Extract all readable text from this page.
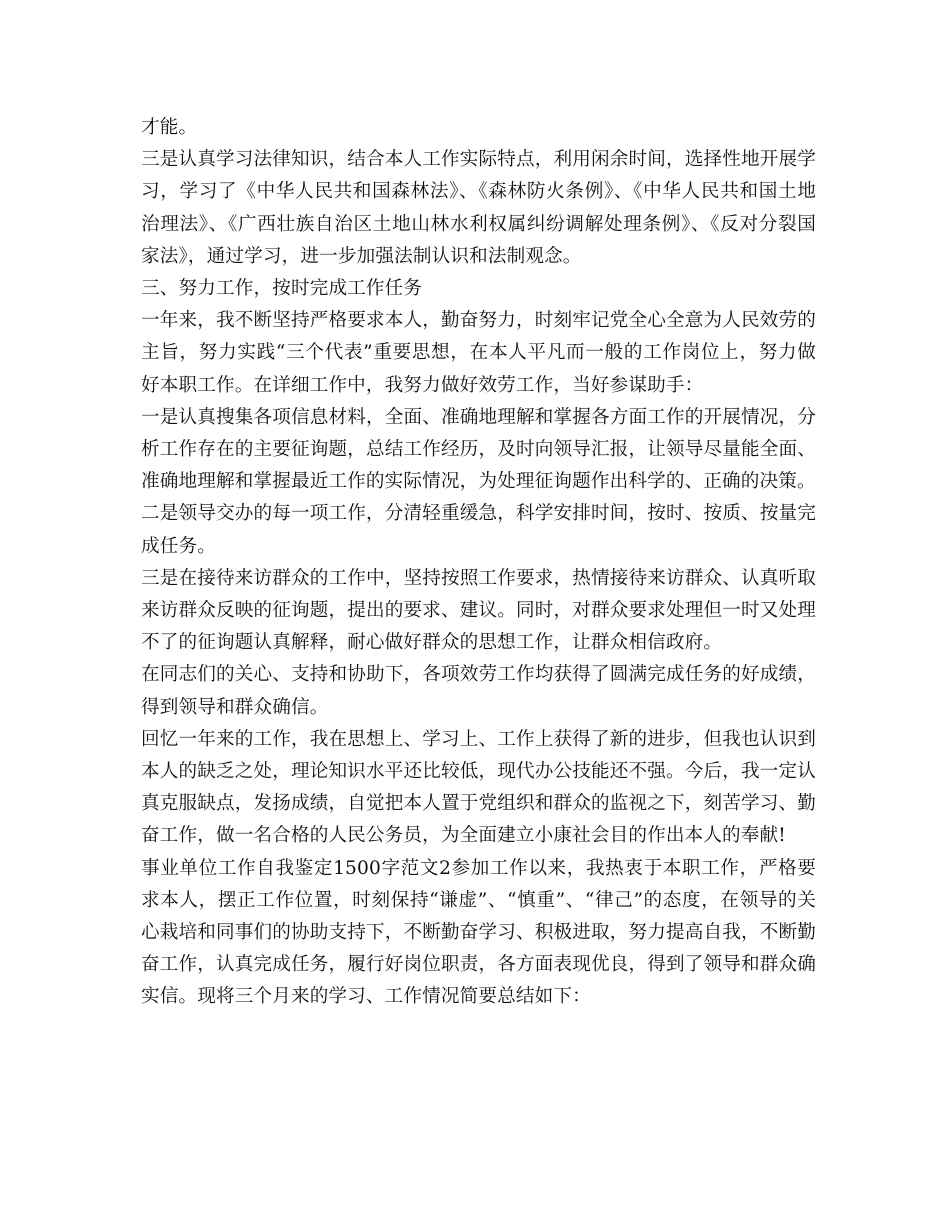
才能。

三是认真学习法律知识，结合本人工作实际特点，利用闲余时间，选择性地开展学习，学习了《中华人民共和国森林法》、《森林防火条例》、《中华人民共和国土地治理法》、《广西壮族自治区土地山林水利权属纠纷调解处理条例》、《反对分裂国家法》，通过学习，进一步加强法制认识和法制观念。

三、努力工作，按时完成工作任务

一年来，我不断坚持严格要求本人，勤奋努力，时刻牢记党全心全意为人民效劳的主旨，努力实践“三个代表”重要思想，在本人平凡而一般的工作岗位上，努力做好本职工作。在详细工作中，我努力做好效劳工作，当好参谋助手：

一是认真搜集各项信息材料，全面、准确地理解和掌握各方面工作的开展情况，分析工作存在的主要征询题，总结工作经历，及时向领导汇报，让领导尽量能全面、准确地理解和掌握最近工作的实际情况，为处理征询题作出科学的、正确的决策。

二是领导交办的每一项工作，分清轻重缓急，科学安排时间，按时、按质、按量完成任务。

三是在接待来访群众的工作中，坚持按照工作要求，热情接待来访群众、认真听取来访群众反映的征询题，提出的要求、建议。同时，对群众要求处理但一时又处理不了的征询题认真解释，耐心做好群众的思想工作，让群众相信政府。

在同志们的关心、支持和协助下，各项效劳工作均获得了圆满完成任务的好成绩，得到领导和群众确信。

回忆一年来的工作，我在思想上、学习上、工作上获得了新的进步，但我也认识到本人的缺乏之处，理论知识水平还比较低，现代办公技能还不强。今后，我一定认真克服缺点，发扬成绩，自觉把本人置于党组织和群众的监视之下，刻苦学习、勤奋工作，做一名合格的人民公务员，为全面建立小康社会目的作出本人的奉献!

事业单位工作自我鉴定1500字范文2参加工作以来，我热衷于本职工作，严格要求本人，摆正工作位置，时刻保持“谦虚”、“慎重”、“律己”的态度，在领导的关心栽培和同事们的协助支持下，不断勤奋学习、积极进取，努力提高自我，不断勤奋工作，认真完成任务，履行好岗位职责，各方面表现优良，得到了领导和群众确实信。现将三个月来的学习、工作情况简要总结如下：
